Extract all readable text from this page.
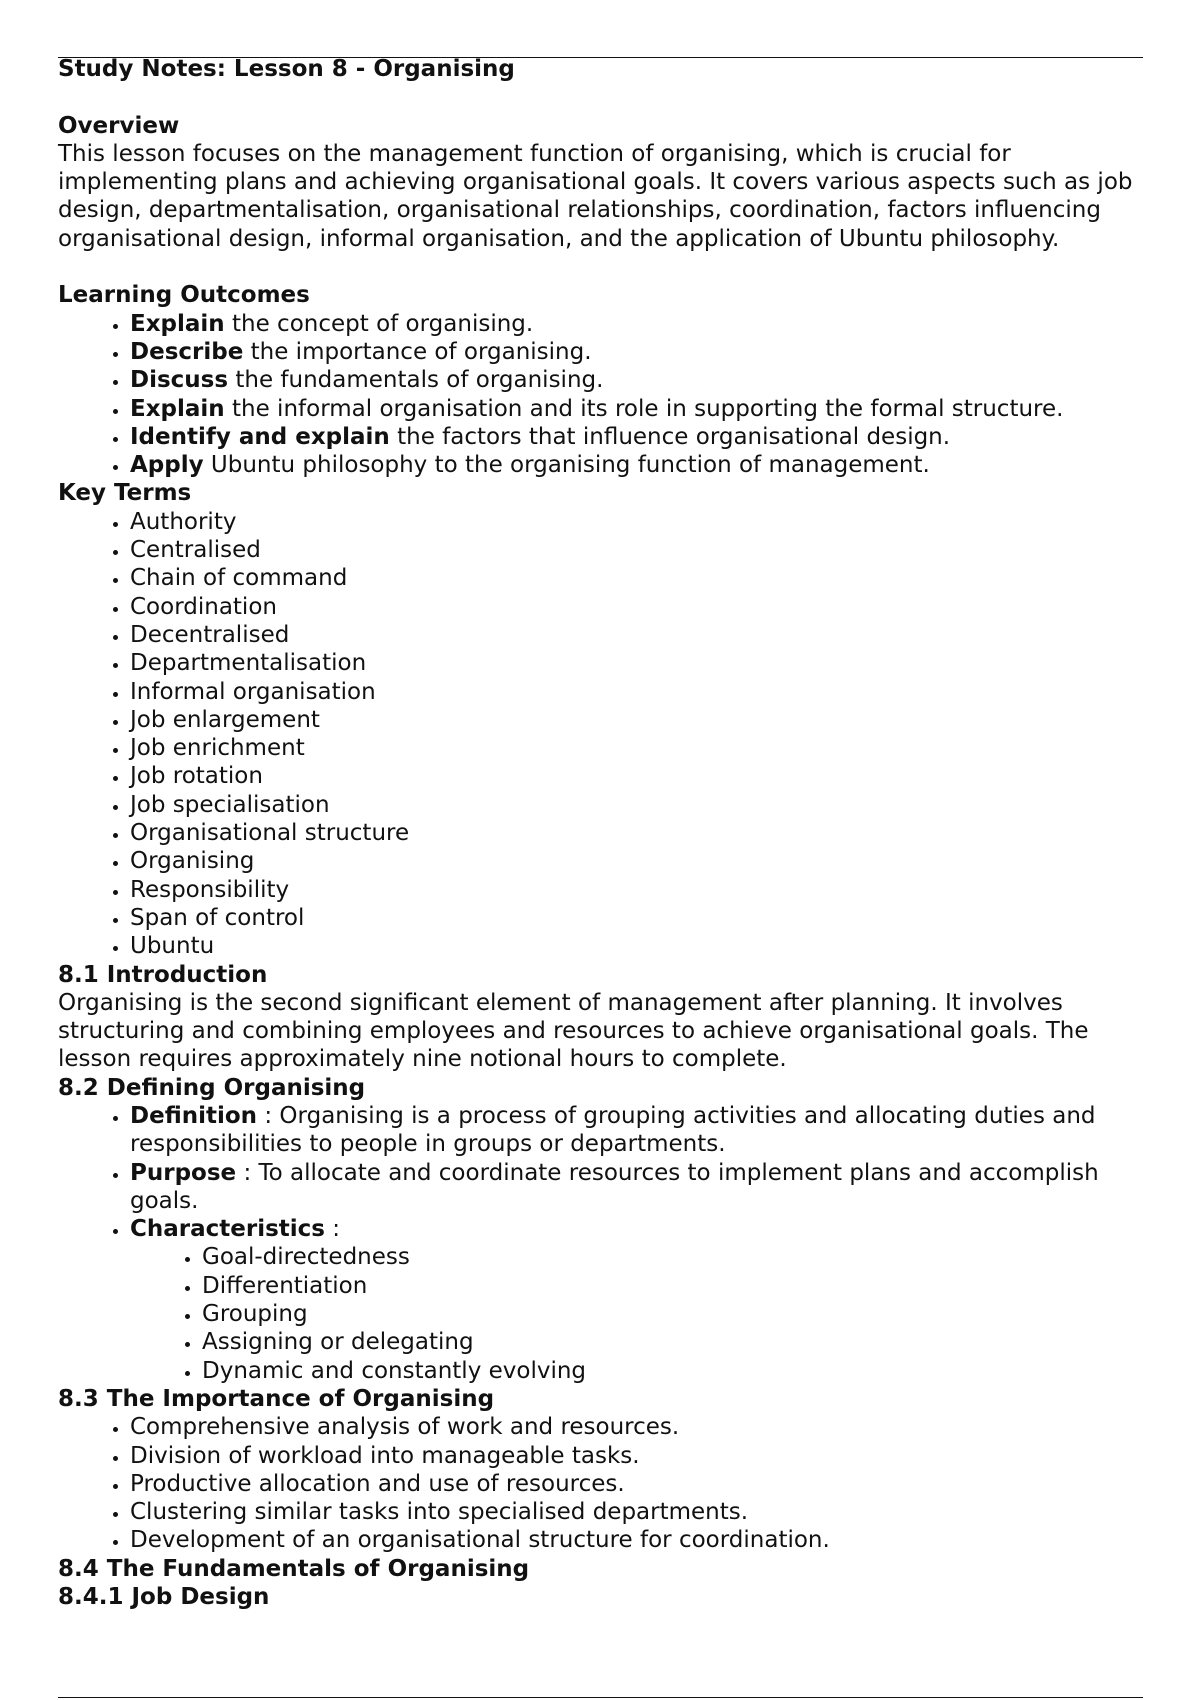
Study Notes: Lesson 8 - Organising
Overview

This lesson focuses on the management function of organising, which is crucial for implementing plans and achieving organisational goals. It covers various aspects such as job design, departmentalisation, organisational relationships, coordination, factors influencing organisational design, informal organisation, and the application of Ubuntu philosophy.

Learning Outcomes
• Explain the concept of organising.
• Describe the importance of organising.
• Discuss the fundamentals of organising.
• Explain the informal organisation and its role in supporting the formal structure.
• Identify and explain the factors that influence organisational design.
• Apply Ubuntu philosophy to the organising function of management.
Key Terms
• Authority
• Centralised
• Chain of command
• Coordination
• Decentralised
• Departmentalisation
• Informal organisation
• Job enlargement
• Job enrichment
• Job rotation
• Job specialisation
• Organisational structure
• Organising
• Responsibility
• Span of control
• Ubuntu
8.1 Introduction

Organising is the second significant element of management after planning. It involves structuring and combining employees and resources to achieve organisational goals. The lesson requires approximately nine notional hours to complete.

8.2 Defining Organising
• Definition : Organising is a process of grouping activities and allocating duties and responsibilities to people in groups or departments.
• Purpose : To allocate and coordinate resources to implement plans and accomplish goals.
• Characteristics :
• Goal-directedness
• Differentiation
• Grouping
• Assigning or delegating
• Dynamic and constantly evolving
8.3 The Importance of Organising
• Comprehensive analysis of work and resources.
• Division of workload into manageable tasks.
• Productive allocation and use of resources.
• Clustering similar tasks into specialised departments.
• Development of an organisational structure for coordination.
8.4 The Fundamentals of Organising
8.4.1 Job Design
